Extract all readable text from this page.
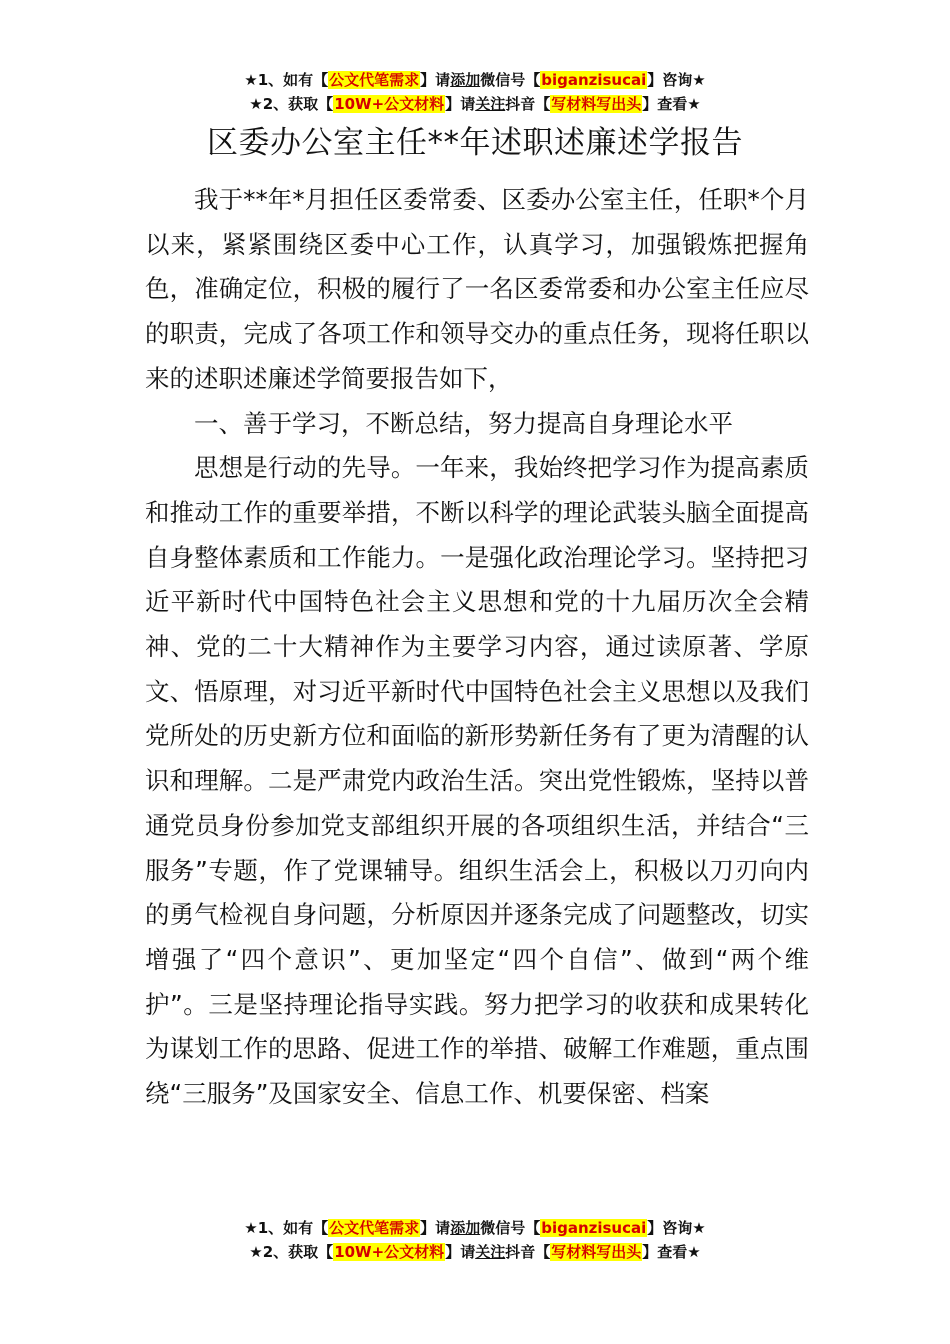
★1、如有【公文代笔需求】请添加微信号【biganzisucai】咨询★
★2、获取【10W+公文材料】请关注抖音【写材料写出头】查看★
区委办公室主任**年述职述廉述学报告

我于**年*月担任区委常委、区委办公室主任，任职*个月以来，紧紧围绕区委中心工作，认真学习，加强锻炼把握角色，准确定位，积极的履行了一名区委常委和办公室主任应尽的职责，完成了各项工作和领导交办的重点任务，现将任职以来的述职述廉述学简要报告如下，

一、善于学习，不断总结，努力提高自身理论水平

思想是行动的先导。一年来，我始终把学习作为提高素质和推动工作的重要举措，不断以科学的理论武装头脑全面提高自身整体素质和工作能力。一是强化政治理论学习。坚持把习近平新时代中国特色社会主义思想和党的十九届历次全会精神、党的二十大精神作为主要学习内容，通过读原著、学原文、悟原理，对习近平新时代中国特色社会主义思想以及我们党所处的历史新方位和面临的新形势新任务有了更为清醒的认识和理解。二是严肃党内政治生活。突出党性锻炼，坚持以普通党员身份参加党支部组织开展的各项组织生活，并结合“三服务”专题，作了党课辅导。组织生活会上，积极以刀刃向内的勇气检视自身问题，分析原因并逐条完成了问题整改，切实增强了“四个意识”、更加坚定“四个自信”、做到“两个维护”。三是坚持理论指导实践。努力把学习的收获和成果转化为谋划工作的思路、促进工作的举措、破解工作难题，重点围绕“三服务”及国家安全、信息工作、机要保密、档案

★1、如有【公文代笔需求】请添加微信号【biganzisucai】咨询★
★2、获取【10W+公文材料】请关注抖音【写材料写出头】查看★
